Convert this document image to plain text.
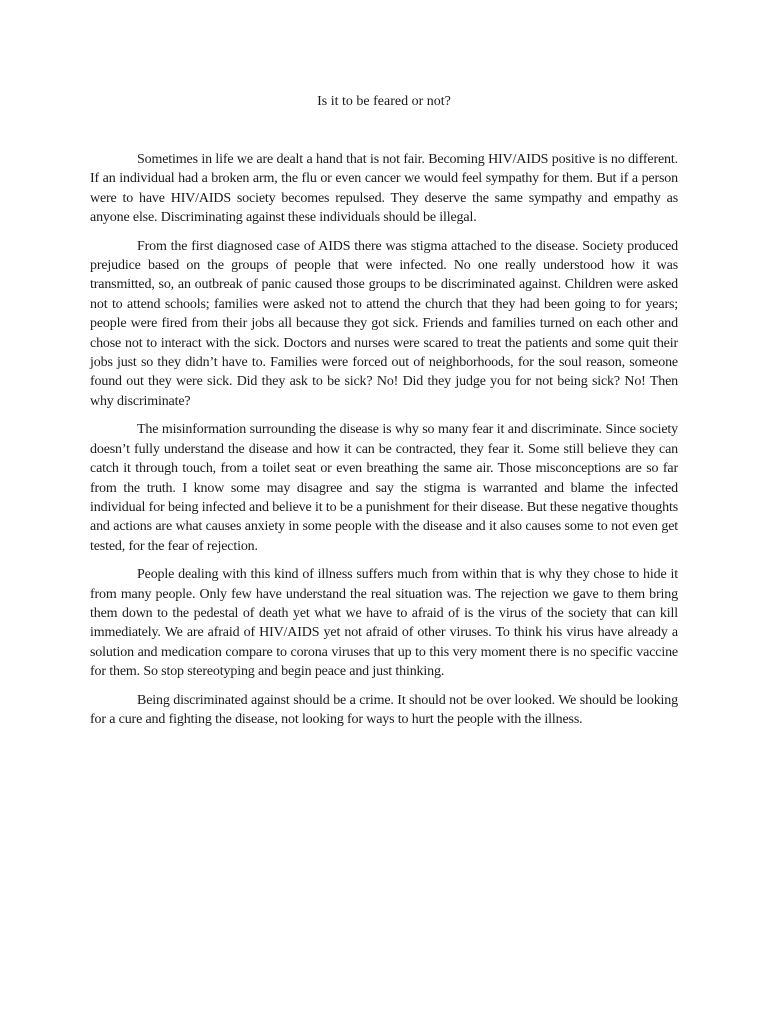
Is it to be feared or not?

Sometimes in life we are dealt a hand that is not fair. Becoming HIV/AIDS positive is no different. If an individual had a broken arm, the flu or even cancer we would feel sympathy for them. But if a person were to have HIV/AIDS society becomes repulsed. They deserve the same sympathy and empathy as anyone else. Discriminating against these individuals should be illegal.

From the first diagnosed case of AIDS there was stigma attached to the disease. Society produced prejudice based on the groups of people that were infected. No one really understood how it was transmitted, so, an outbreak of panic caused those groups to be discriminated against. Children were asked not to attend schools; families were asked not to attend the church that they had been going to for years; people were fired from their jobs all because they got sick. Friends and families turned on each other and chose not to interact with the sick. Doctors and nurses were scared to treat the patients and some quit their jobs just so they didn’t have to. Families were forced out of neighborhoods, for the soul reason, someone found out they were sick. Did they ask to be sick? No! Did they judge you for not being sick? No! Then why discriminate?

The misinformation surrounding the disease is why so many fear it and discriminate. Since society doesn’t fully understand the disease and how it can be contracted, they fear it. Some still believe they can catch it through touch, from a toilet seat or even breathing the same air. Those misconceptions are so far from the truth. I know some may disagree and say the stigma is warranted and blame the infected individual for being infected and believe it to be a punishment for their disease. But these negative thoughts and actions are what causes anxiety in some people with the disease and it also causes some to not even get tested, for the fear of rejection.

People dealing with this kind of illness suffers much from within that is why they chose to hide it from many people. Only few have understand the real situation was. The rejection we gave to them bring them down to the pedestal of death yet what we have to afraid of is the virus of the society that can kill immediately. We are afraid of HIV/AIDS yet not afraid of other viruses. To think his virus have already a solution and medication compare to corona viruses that up to this very moment there is no specific vaccine for them. So stop stereotyping and begin peace and just thinking.

Being discriminated against should be a crime. It should not be over looked. We should be looking for a cure and fighting the disease, not looking for ways to hurt the people with the illness.
